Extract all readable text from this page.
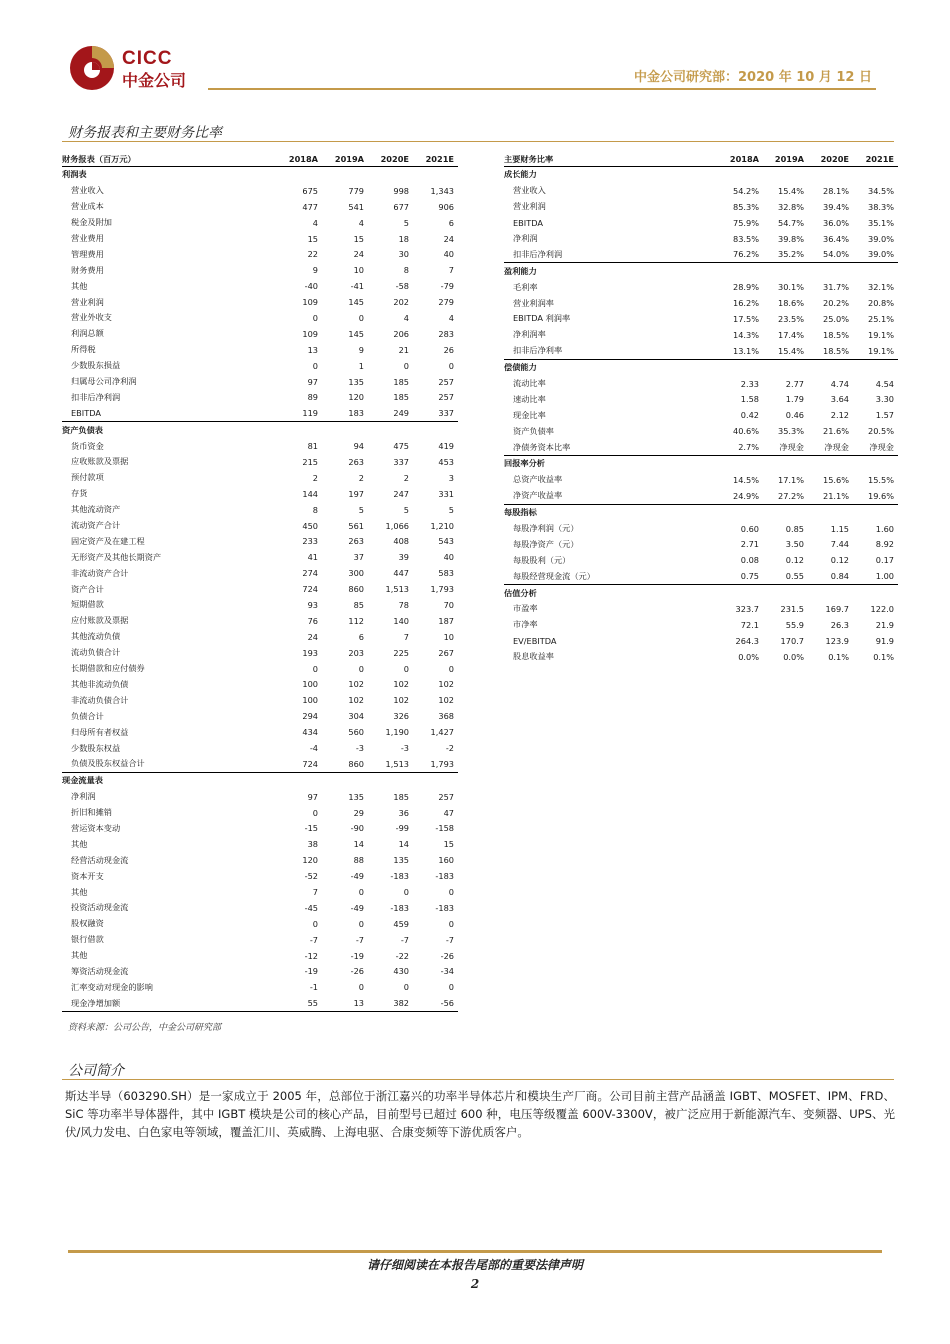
CICC
中金公司	中金公司研究部：2020 年 10 月 12 日
财务报表和主要财务比率
财务报表（百万元）	2018A	2019A	2020E	2021E
利润表				
营业收入	675	779	998	1,343
营业成本	477	541	677	906
税金及附加	4	4	5	6
营业费用	15	15	18	24
管理费用	22	24	30	40
财务费用	9	10	8	7
其他	-40	-41	-58	-79
营业利润	109	145	202	279
营业外收支	0	0	4	4
利润总额	109	145	206	283
所得税	13	9	21	26
少数股东损益	0	1	0	0
归属母公司净利润	97	135	185	257
扣非后净利润	89	120	185	257
EBITDA	119	183	249	337
资产负债表				
货币资金	81	94	475	419
应收账款及票据	215	263	337	453
预付款项	2	2	2	3
存货	144	197	247	331
其他流动资产	8	5	5	5
流动资产合计	450	561	1,066	1,210
固定资产及在建工程	233	263	408	543
无形资产及其他长期资产	41	37	39	40
非流动资产合计	274	300	447	583
资产合计	724	860	1,513	1,793
短期借款	93	85	78	70
应付账款及票据	76	112	140	187
其他流动负债	24	6	7	10
流动负债合计	193	203	225	267
长期借款和应付债券	0	0	0	0
其他非流动负债	100	102	102	102
非流动负债合计	100	102	102	102
负债合计	294	304	326	368
归母所有者权益	434	560	1,190	1,427
少数股东权益	-4	-3	-3	-2
负债及股东权益合计	724	860	1,513	1,793
现金流量表				
净利润	97	135	185	257
折旧和摊销	0	29	36	47
营运资本变动	-15	-90	-99	-158
其他	38	14	14	15
经营活动现金流	120	88	135	160
资本开支	-52	-49	-183	-183
其他	7	0	0	0
投资活动现金流	-45	-49	-183	-183
股权融资	0	0	459	0
银行借款	-7	-7	-7	-7
其他	-12	-19	-22	-26
筹资活动现金流	-19	-26	430	-34
汇率变动对现金的影响	-1	0	0	0
现金净增加额	55	13	382	-56
主要财务比率	2018A	2019A	2020E	2021E
成长能力				
营业收入	54.2%	15.4%	28.1%	34.5%
营业利润	85.3%	32.8%	39.4%	38.3%
EBITDA	75.9%	54.7%	36.0%	35.1%
净利润	83.5%	39.8%	36.4%	39.0%
扣非后净利润	76.2%	35.2%	54.0%	39.0%
盈利能力				
毛利率	28.9%	30.1%	31.7%	32.1%
营业利润率	16.2%	18.6%	20.2%	20.8%
EBITDA 利润率	17.5%	23.5%	25.0%	25.1%
净利润率	14.3%	17.4%	18.5%	19.1%
扣非后净利率	13.1%	15.4%	18.5%	19.1%
偿债能力				
流动比率	2.33	2.77	4.74	4.54
速动比率	1.58	1.79	3.64	3.30
现金比率	0.42	0.46	2.12	1.57
资产负债率	40.6%	35.3%	21.6%	20.5%
净债务资本比率	2.7%	净现金	净现金	净现金
回报率分析				
总资产收益率	14.5%	17.1%	15.6%	15.5%
净资产收益率	24.9%	27.2%	21.1%	19.6%
每股指标				
每股净利润（元）	0.60	0.85	1.15	1.60
每股净资产（元）	2.71	3.50	7.44	8.92
每股股利（元）	0.08	0.12	0.12	0.17
每股经营现金流（元）	0.75	0.55	0.84	1.00
估值分析				
市盈率	323.7	231.5	169.7	122.0
市净率	72.1	55.9	26.3	21.9
EV/EBITDA	264.3	170.7	123.9	91.9
股息收益率	0.0%	0.0%	0.1%	0.1%
资料来源：公司公告，中金公司研究部
公司简介
斯达半导（603290.SH）是一家成立于 2005 年，总部位于浙江嘉兴的功率半导体芯片和模块生产厂商。公司目前主营产品涵盖 IGBT、MOSFET、IPM、FRD、SiC 等功率半导体器件，其中 IGBT 模块是公司的核心产品，目前型号已超过 600 种，电压等级覆盖 600V-3300V，被广泛应用于新能源汽车、变频器、UPS、光伏/风力发电、白色家电等领域，覆盖汇川、英威腾、上海电驱、合康变频等下游优质客户。
请仔细阅读在本报告尾部的重要法律声明
2
